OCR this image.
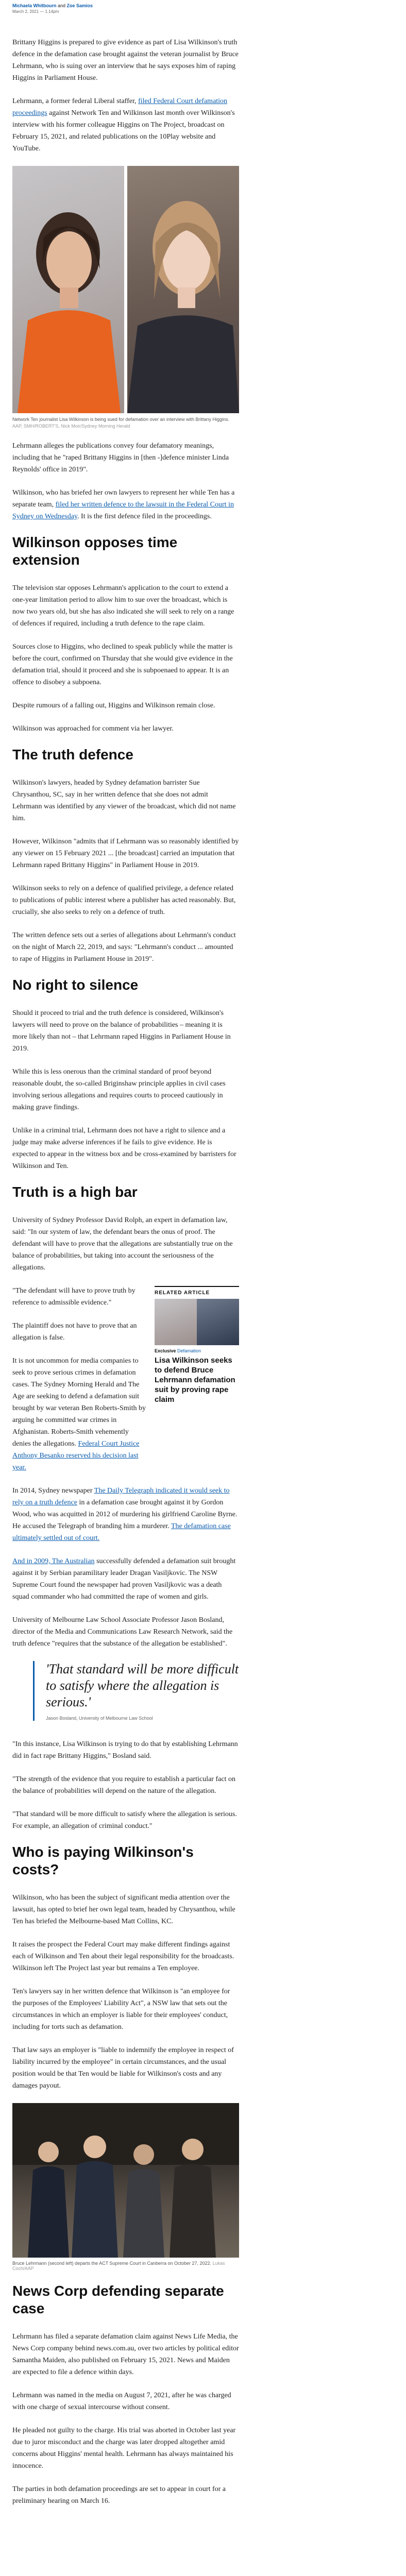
Michaela Whitbourn and Zoe Samios
March 2, 2021 — 1.14pm

Brittany Higgins is prepared to give evidence as part of Lisa Wilkinson's truth defence in the defamation case brought against the veteran journalist by Bruce Lehrmann, who is suing over an interview that he says exposes him of raping Higgins in Parliament House.

Lehrmann, a former federal Liberal staffer, filed Federal Court defamation proceedings against Network Ten and Wilkinson last month over Wilkinson's interview with his former colleague Higgins on The Project, broadcast on February 15, 2021, and related publications on the 10Play website and YouTube.

Network Ten journalist Lisa Wilkinson is being sued for defamation over an interview with Brittany Higgins. AAP, SMH/ROBERT'S, Nick Moir/Sydney Morning Herald

Lehrmann alleges the publications convey four defamatory meanings, including that he "raped Brittany Higgins in [then -]defence minister Linda Reynolds' office in 2019".

Wilkinson, who has briefed her own lawyers to represent her while Ten has a separate team, filed her written defence to the lawsuit in the Federal Court in Sydney on Wednesday. It is the first defence filed in the proceedings.

Wilkinson opposes time extension

The television star opposes Lehrmann's application to the court to extend a one-year limitation period to allow him to sue over the broadcast, which is now two years old, but she has also indicated she will seek to rely on a range of defences if required, including a truth defence to the rape claim.

Sources close to Higgins, who declined to speak publicly while the matter is before the court, confirmed on Thursday that she would give evidence in the defamation trial, should it proceed and she is subpoenaed to appear. It is an offence to disobey a subpoena.

Despite rumours of a falling out, Higgins and Wilkinson remain close.

Wilkinson was approached for comment via her lawyer.

The truth defence

Wilkinson's lawyers, headed by Sydney defamation barrister Sue Chrysanthou, SC, say in her written defence that she does not admit Lehrmann was identified by any viewer of the broadcast, which did not name him.

However, Wilkinson "admits that if Lehrmann was so reasonably identified by any viewer on 15 February 2021 ... [the broadcast] carried an imputation that Lehrmann raped Brittany Higgins" in Parliament House in 2019.

Wilkinson seeks to rely on a defence of qualified privilege, a defence related to publications of public interest where a publisher has acted reasonably. But, crucially, she also seeks to rely on a defence of truth.

The written defence sets out a series of allegations about Lehrmann's conduct on the night of March 22, 2019, and says: "Lehrmann's conduct ... amounted to rape of Higgins in Parliament House in 2019".

No right to silence

Should it proceed to trial and the truth defence is considered, Wilkinson's lawyers will need to prove on the balance of probabilities – meaning it is more likely than not – that Lehrmann raped Higgins in Parliament House in 2019.

While this is less onerous than the criminal standard of proof beyond reasonable doubt, the so-called Briginshaw principle applies in civil cases involving serious allegations and requires courts to proceed cautiously in making grave findings.

Unlike in a criminal trial, Lehrmann does not have a right to silence and a judge may make adverse inferences if he fails to give evidence. He is expected to appear in the witness box and be cross-examined by barristers for Wilkinson and Ten.

Truth is a high bar

University of Sydney Professor David Rolph, an expert in defamation law, said: "In our system of law, the defendant bears the onus of proof. The defendant will have to prove that the allegations are substantially true on the balance of probabilities, but taking into account the seriousness of the allegations.

"The defendant will have to prove truth by reference to admissible evidence."

The plaintiff does not have to prove that an allegation is false.

It is not uncommon for media companies to seek to prove serious crimes in defamation cases. The Sydney Morning Herald and The Age are seeking to defend a defamation suit brought by war veteran Ben Roberts-Smith by arguing he committed war crimes in Afghanistan. Roberts-Smith vehemently denies the allegations. Federal Court Justice Anthony Besanko reserved his decision last year.

RELATED ARTICLE
Exclusive Defamation
Lisa Wilkinson seeks to defend Bruce Lehrmann defamation suit by proving rape claim

In 2014, Sydney newspaper The Daily Telegraph indicated it would seek to rely on a truth defence in a defamation case brought against it by Gordon Wood, who was acquitted in 2012 of murdering his girlfriend Caroline Byrne. He accused the Telegraph of branding him a murderer. The defamation case ultimately settled out of court.

And in 2009, The Australian successfully defended a defamation suit brought against it by Serbian paramilitary leader Dragan Vasiljkovic. The NSW Supreme Court found the newspaper had proven Vasiljkovic was a death squad commander who had committed the rape of women and girls.

University of Melbourne Law School Associate Professor Jason Bosland, director of the Media and Communications Law Research Network, said the truth defence "requires that the substance of the allegation be established".

'That standard will be more difficult to satisfy where the allegation is serious.'
Jason Bosland, University of Melbourne Law School

"In this instance, Lisa Wilkinson is trying to do that by establishing Lehrmann did in fact rape Brittany Higgins," Bosland said.

"The strength of the evidence that you require to establish a particular fact on the balance of probabilities will depend on the nature of the allegation.

"That standard will be more difficult to satisfy where the allegation is serious. For example, an allegation of criminal conduct."

Who is paying Wilkinson's costs?

Wilkinson, who has been the subject of significant media attention over the lawsuit, has opted to brief her own legal team, headed by Chrysanthou, while Ten has briefed the Melbourne-based Matt Collins, KC.

It raises the prospect the Federal Court may make different findings against each of Wilkinson and Ten about their legal responsibility for the broadcasts. Wilkinson left The Project last year but remains a Ten employee.

Ten's lawyers say in her written defence that Wilkinson is "an employee for the purposes of the Employees' Liability Act", a NSW law that sets out the circumstances in which an employer is liable for their employees' conduct, including for torts such as defamation.

That law says an employer is "liable to indemnify the employee in respect of liability incurred by the employee" in certain circumstances, and the usual position would be that Ten would be liable for Wilkinson's costs and any damages payout.

Bruce Lehrmann (second left) departs the ACT Supreme Court in Canberra on October 27, 2022. Lukas Coch/AAP
News Corp defending separate case

Lehrmann has filed a separate defamation claim against News Life Media, the News Corp company behind news.com.au, over two articles by political editor Samantha Maiden, also published on February 15, 2021. News and Maiden are expected to file a defence within days.

Lehrmann was named in the media on August 7, 2021, after he was charged with one charge of sexual intercourse without consent.

He pleaded not guilty to the charge. His trial was aborted in October last year due to juror misconduct and the charge was later dropped altogether amid concerns about Higgins' mental health. Lehrmann has always maintained his innocence.

The parties in both defamation proceedings are set to appear in court for a preliminary hearing on March 16.
